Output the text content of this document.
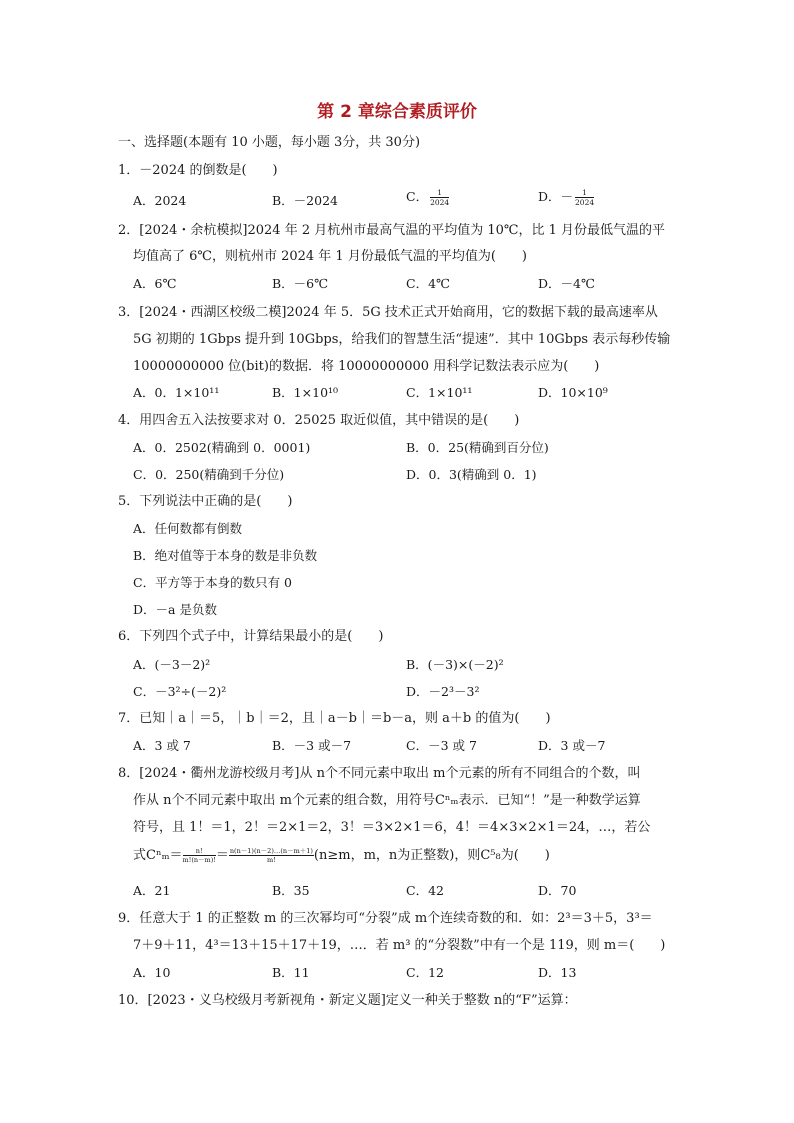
第 2 章综合素质评价
一、选择题(本题有 10 小题，每小题 3分，共 30分)
1．－2024 的倒数是(　　)
A．2024	B．－2024	C． $\frac{1}{2024}$	D．－ $\frac{1}{2024}$
2．[2024・余杭模拟]2024 年 2 月杭州市最高气温的平均值为 10℃，比 1 月份最低气温的平
均值高了 6℃，则杭州市 2024 年 1 月份最低气温的平均值为(　　)
A．6℃	B．－6℃	C．4℃	D．－4℃
3．[2024・西湖区校级二模]2024 年 5．5G 技术正式开始商用，它的数据下载的最高速率从
5G 初期的 1Gbps 提升到 10Gbps，给我们的智慧生活“提速”．其中 10Gbps 表示每秒传输
10000000000 位(bit)的数据．将 10000000000 用科学记数法表示应为(　　)
A．0．1×10¹¹	B．1×10¹⁰	C．1×10¹¹	D．10×10⁹
4．用四舍五入法按要求对 0．25025 取近似值，其中错误的是(　　)
A．0．2502(精确到 0．0001)	B．0．25(精确到百分位)
C．0．250(精确到千分位)	D．0．3(精确到 0．1)
5．下列说法中正确的是(　　)
A．任何数都有倒数
B．绝对值等于本身的数是非负数
C．平方等于本身的数只有 0
D．－a 是负数
6．下列四个式子中，计算结果最小的是(　　)
A．(－3－2)²	B．(－3)×(－2)²
C．－3²÷(－2)²	D．－2³－3²
7．已知｜a｜＝5，｜b｜＝2，且｜a－b｜＝b－a，则 a＋b 的值为(　　)
A．3 或 7	B．－3 或－7	C．－3 或 7	D．3 或－7
8．[2024・衢州龙游校级月考]从 n个不同元素中取出 m个元素的所有不同组合的个数，叫
作从 n个不同元素中取出 m个元素的组合数，用符号Cⁿₘ表示．已知“！”是一种数学运算
符号，且 1！＝1，2！＝2×1＝2，3！＝3×2×1＝6，4！＝4×3×2×1＝24，…，若公
式$C^n_m= \frac{n!}{m!(n-m)!} = \frac{n(n-1)(n-2)\dots(n-m+1)}{m!} (n\ge m$，m，n为正整数)，则C⁵₈为(　　)
A．21	B．35	C．42	D．70
9．任意大于 1 的正整数 m 的三次幂均可“分裂”成 m个连续奇数的和．如：2³＝3＋5，3³＝
7＋9＋11，4³＝13＋15＋17＋19，…．若 m³ 的“分裂数”中有一个是 119，则 m＝(　　)
A．10	B．11	C．12	D．13
10．[2023・义乌校级月考新视角・新定义题]定义一种关于整数 n的“F”运算：
